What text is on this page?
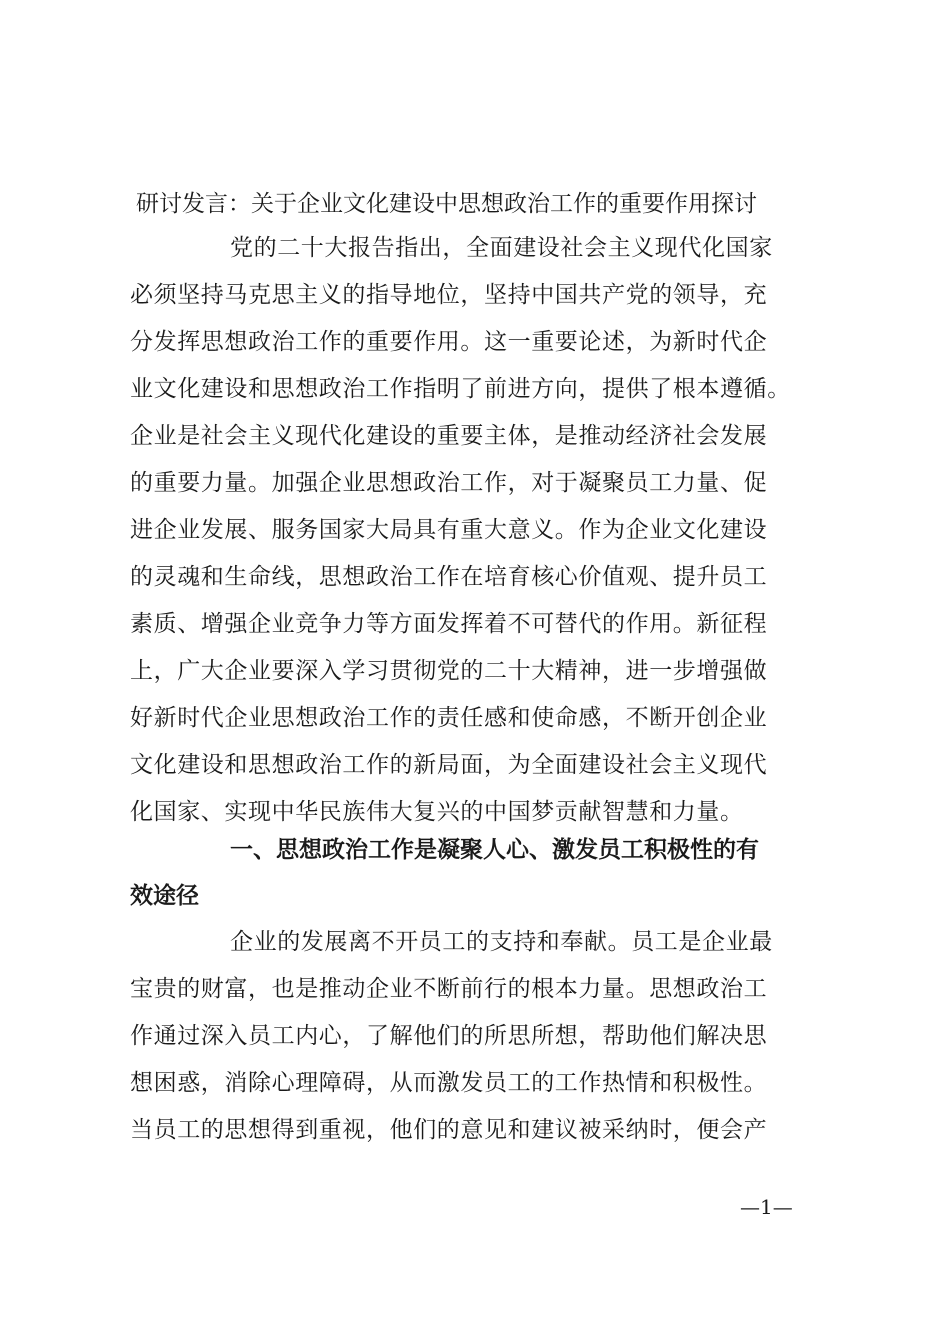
研讨发言：关于企业文化建设中思想政治工作的重要作用探讨
党的二十大报告指出，全面建设社会主义现代化国家
必须坚持马克思主义的指导地位，坚持中国共产党的领导，充
分发挥思想政治工作的重要作用。这一重要论述，为新时代企
业文化建设和思想政治工作指明了前进方向，提供了根本遵循。
企业是社会主义现代化建设的重要主体，是推动经济社会发展
的重要力量。加强企业思想政治工作，对于凝聚员工力量、促
进企业发展、服务国家大局具有重大意义。作为企业文化建设
的灵魂和生命线，思想政治工作在培育核心价值观、提升员工
素质、增强企业竞争力等方面发挥着不可替代的作用。新征程
上，广大企业要深入学习贯彻党的二十大精神，进一步增强做
好新时代企业思想政治工作的责任感和使命感，不断开创企业
文化建设和思想政治工作的新局面，为全面建设社会主义现代
化国家、实现中华民族伟大复兴的中国梦贡献智慧和力量。
一、思想政治工作是凝聚人心、激发员工积极性的有
效途径
企业的发展离不开员工的支持和奉献。员工是企业最
宝贵的财富，也是推动企业不断前行的根本力量。思想政治工
作通过深入员工内心，了解他们的所思所想，帮助他们解决思
想困惑，消除心理障碍，从而激发员工的工作热情和积极性。
当员工的思想得到重视，他们的意见和建议被采纳时，便会产
—1—
